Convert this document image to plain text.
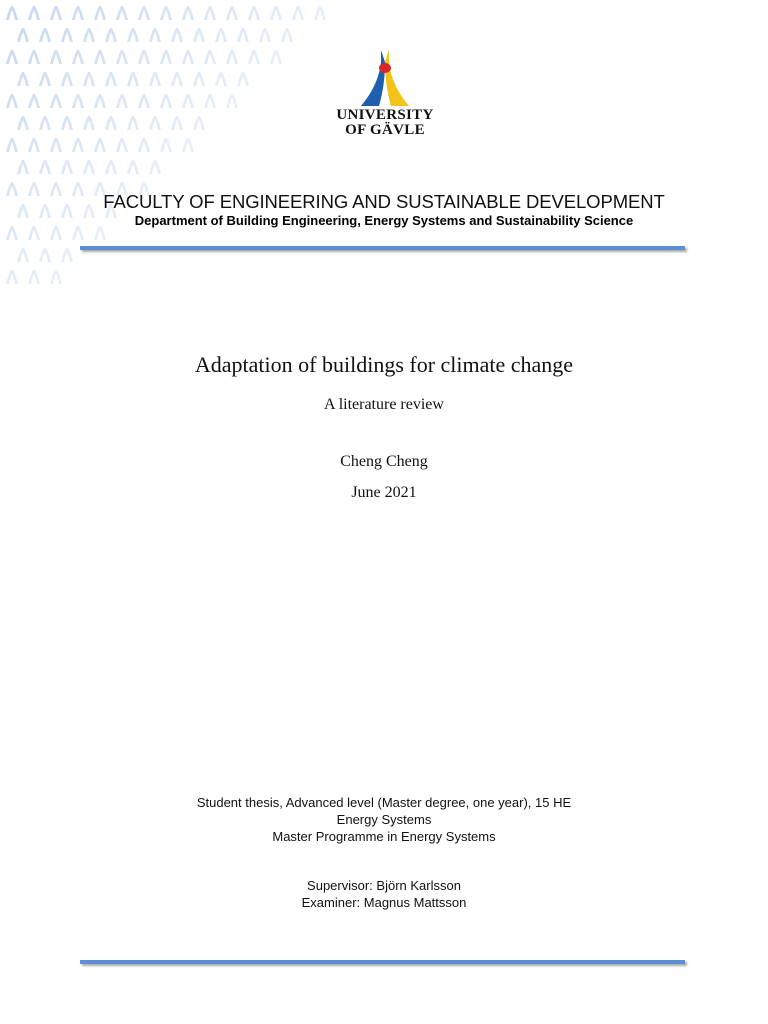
UNIVERSITY
OF GÄVLE
FACULTY OF ENGINEERING AND SUSTAINABLE DEVELOPMENT
Department of Building Engineering, Energy Systems and Sustainability Science
Adaptation of buildings for climate change
A literature review
Cheng Cheng
June 2021
Student thesis, Advanced level (Master degree, one year), 15 HE
Energy Systems
Master Programme in Energy Systems
Supervisor: Björn Karlsson
Examiner: Magnus Mattsson
